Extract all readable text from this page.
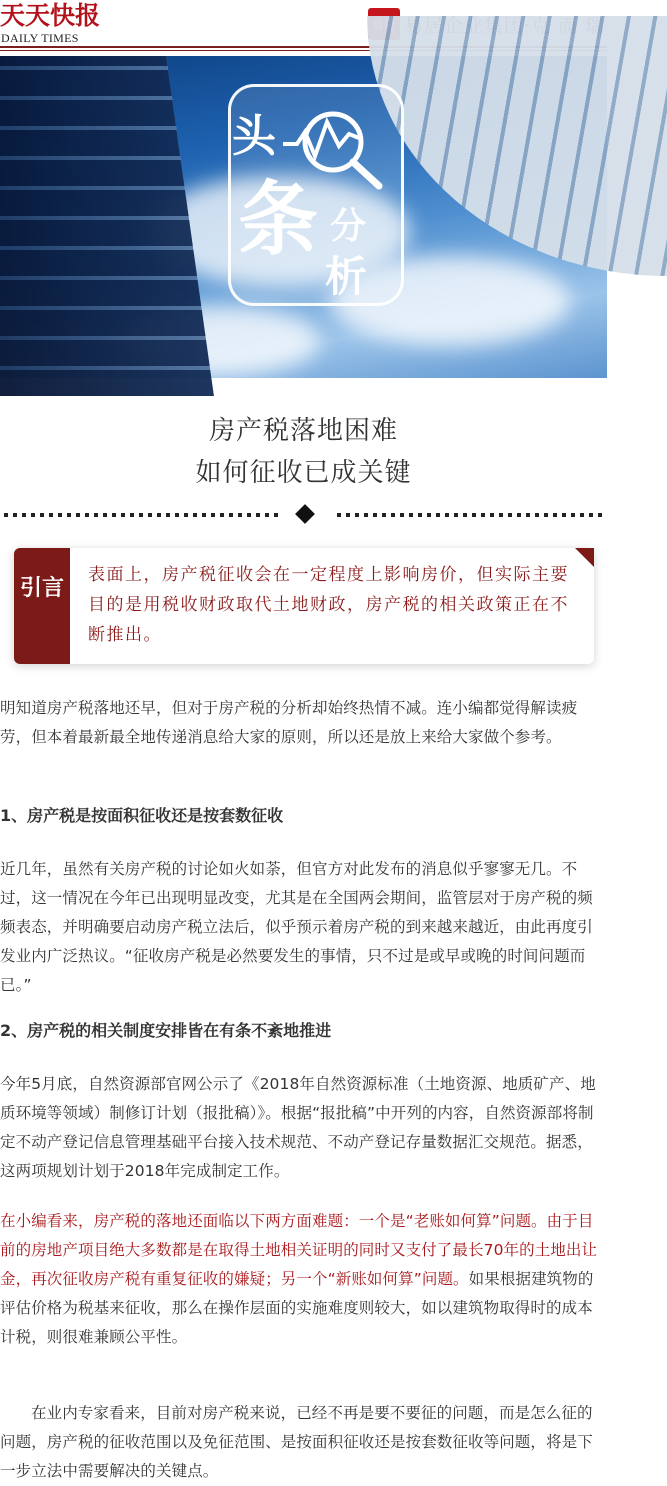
天天快报
DAILY TIMES
头
条 分
析
房产税落地困难
如何征收已成关键
引言
表面上，房产税征收会在一定程度上影响房价，但实际主要目的是用税收财政取代土地财政，房产税的相关政策正在不断推出。
明知道房产税落地还早，但对于房产税的分析却始终热情不减。连小编都觉得解读疲劳，但本着最新最全地传递消息给大家的原则，所以还是放上来给大家做个参考。
1、房产税是按面积征收还是按套数征收
近几年，虽然有关房产税的讨论如火如荼，但官方对此发布的消息似乎寥寥无几。不过，这一情况在今年已出现明显改变，尤其是在全国两会期间，监管层对于房产税的频频表态，并明确要启动房产税立法后，似乎预示着房产税的到来越来越近，由此再度引发业内广泛热议。“征收房产税是必然要发生的事情，只不过是或早或晚的时间问题而已。”
2、房产税的相关制度安排皆在有条不紊地推进
今年5月底，自然资源部官网公示了《2018年自然资源标准（土地资源、地质矿产、地质环境等领域）制修订计划（报批稿）》。根据“报批稿”中开列的内容，自然资源部将制定不动产登记信息管理基础平台接入技术规范、不动产登记存量数据汇交规范。据悉，这两项规划计划于2018年完成制定工作。
在小编看来，房产税的落地还面临以下两方面难题：一个是“老账如何算”问题。由于目前的房地产项目绝大多数都是在取得土地相关证明的同时又支付了最长70年的土地出让金，再次征收房产税有重复征收的嫌疑；另一个“新账如何算”问题。如果根据建筑物的评估价格为税基来征收，那么在操作层面的实施难度则较大，如以建筑物取得时的成本计税，则很难兼顾公平性。
在业内专家看来，目前对房产税来说，已经不再是要不要征的问题，而是怎么征的问题，房产税的征收范围以及免征范围、是按面积征收还是按套数征收等问题，将是下一步立法中需要解决的关键点。
